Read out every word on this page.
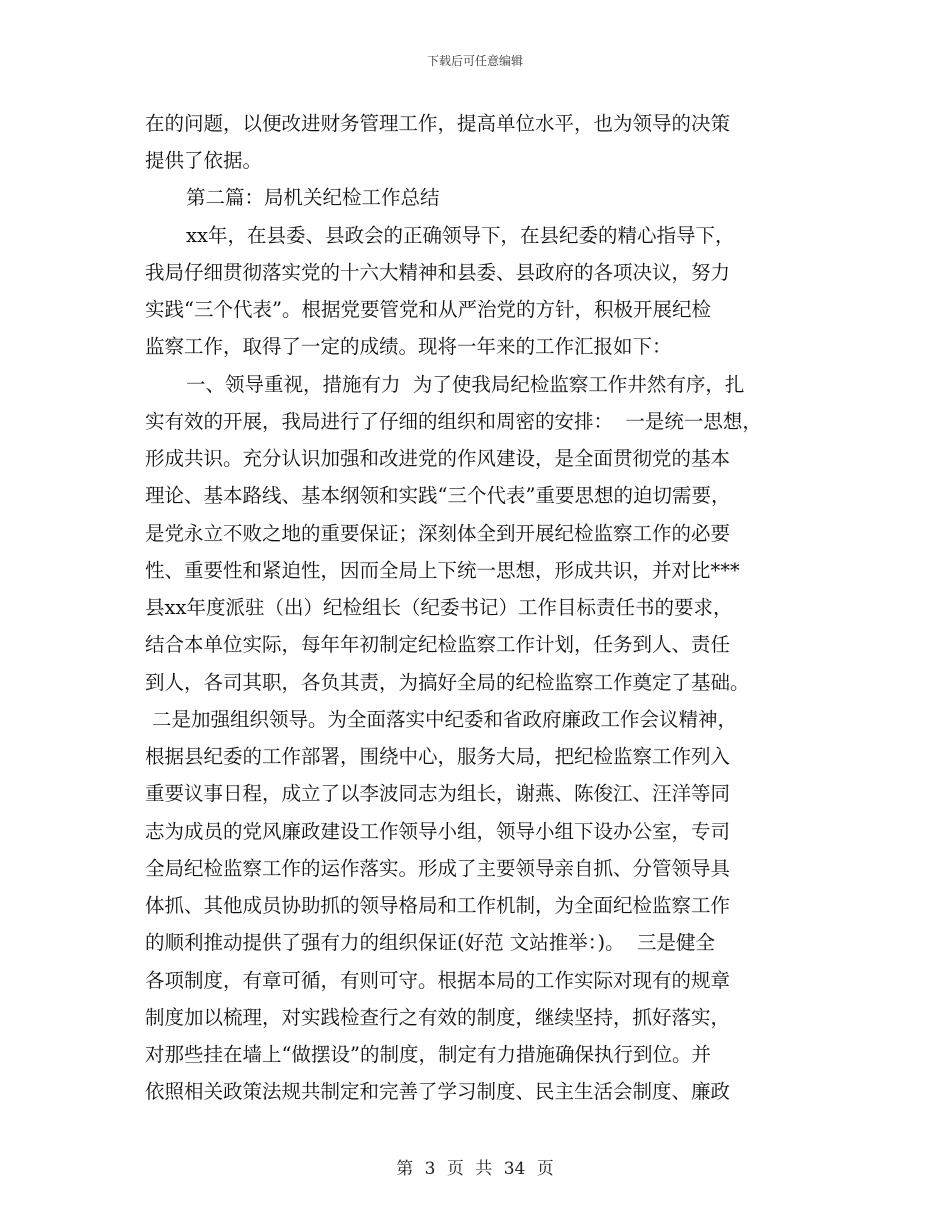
下载后可任意编辑
在的问题，以便改进财务管理工作，提高单位水平，也为领导的决策
提供了依据。
第二篇：局机关纪检工作总结
xx年，在县委、县政会的正确领导下，在县纪委的精心指导下，
我局仔细贯彻落实党的十六大精神和县委、县政府的各项决议，努力
实践“三个代表”。根据党要管党和从严治党的方针，积极开展纪检
监察工作，取得了一定的成绩。现将一年来的工作汇报如下：
一、领导重视，措施有力  为了使我局纪检监察工作井然有序，扎
实有效的开展，我局进行了仔细的组织和周密的安排：  一是统一思想，
形成共识。充分认识加强和改进党的作风建设，是全面贯彻党的基本
理论、基本路线、基本纲领和实践“三个代表”重要思想的迫切需要，
是党永立不败之地的重要保证；深刻体全到开展纪检监察工作的必要
性、重要性和紧迫性，因而全局上下统一思想，形成共识，并对比***
县xx年度派驻（出）纪检组长（纪委书记）工作目标责任书的要求，
结合本单位实际，每年年初制定纪检监察工作计划，任务到人、责任
到人，各司其职，各负其责，为搞好全局的纪检监察工作奠定了基础。
二是加强组织领导。为全面落实中纪委和省政府廉政工作会议精神，
根据县纪委的工作部署，围绕中心，服务大局，把纪检监察工作列入
重要议事日程，成立了以李波同志为组长，谢燕、陈俊江、汪洋等同
志为成员的党风廉政建设工作领导小组，领导小组下设办公室，专司
全局纪检监察工作的运作落实。形成了主要领导亲自抓、分管领导具
体抓、其他成员协助抓的领导格局和工作机制，为全面纪检监察工作
的顺利推动提供了强有力的组织保证(好范 文站推举：)。  三是健全
各项制度，有章可循，有则可守。根据本局的工作实际对现有的规章
制度加以梳理，对实践检查行之有效的制度，继续坚持，抓好落实，
对那些挂在墙上“做摆设”的制度，制定有力措施确保执行到位。并
依照相关政策法规共制定和完善了学习制度、民主生活会制度、廉政
第 3 页 共 34 页
